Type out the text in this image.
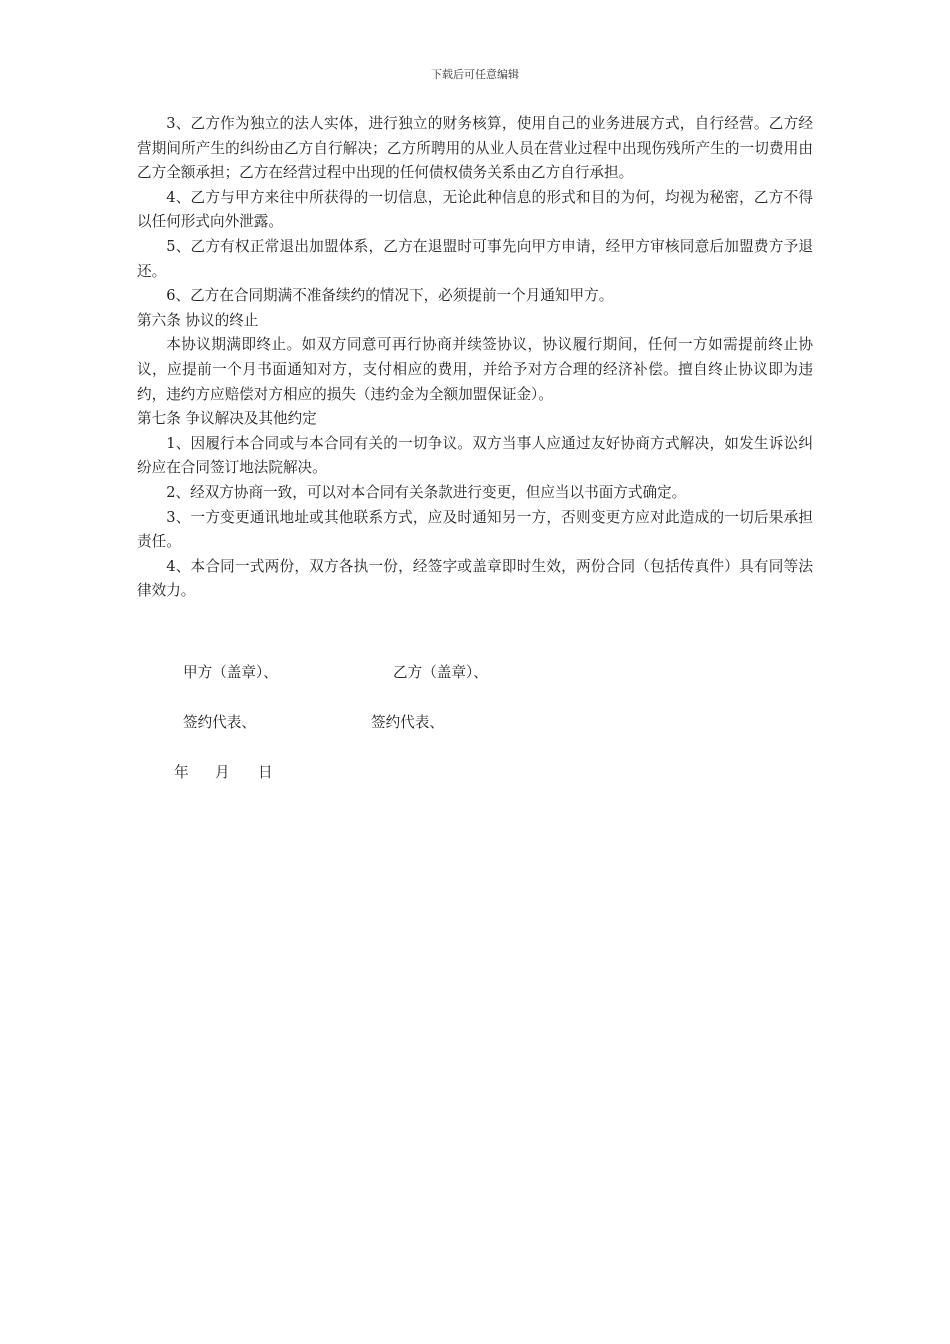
下载后可任意编辑

3、乙方作为独立的法人实体，进行独立的财务核算，使用自己的业务进展方式，自行经营。乙方经营期间所产生的纠纷由乙方自行解决；乙方所聘用的从业人员在营业过程中出现伤残所产生的一切费用由乙方全额承担；乙方在经营过程中出现的任何债权债务关系由乙方自行承担。

4、乙方与甲方来往中所获得的一切信息，无论此种信息的形式和目的为何，均视为秘密，乙方不得以任何形式向外泄露。

5、乙方有权正常退出加盟体系，乙方在退盟时可事先向甲方申请，经甲方审核同意后加盟费方予退还。

6、乙方在合同期满不准备续约的情况下，必须提前一个月通知甲方。

第六条 协议的终止

本协议期满即终止。如双方同意可再行协商并续签协议，协议履行期间，任何一方如需提前终止协议，应提前一个月书面通知对方，支付相应的费用，并给予对方合理的经济补偿。擅自终止协议即为违约，违约方应赔偿对方相应的损失（违约金为全额加盟保证金）。

第七条 争议解决及其他约定

1、因履行本合同或与本合同有关的一切争议。双方当事人应通过友好协商方式解决，如发生诉讼纠纷应在合同签订地法院解决。

2、经双方协商一致，可以对本合同有关条款进行变更，但应当以书面方式确定。

3、一方变更通讯地址或其他联系方式，应及时通知另一方，否则变更方应对此造成的一切后果承担责任。

4、本合同一式两份，双方各执一份，经签字或盖章即时生效，两份合同（包括传真件）具有同等法律效力。

甲方（盖章）、	乙方（盖章）、
签约代表、	签约代表、
年 月 日
